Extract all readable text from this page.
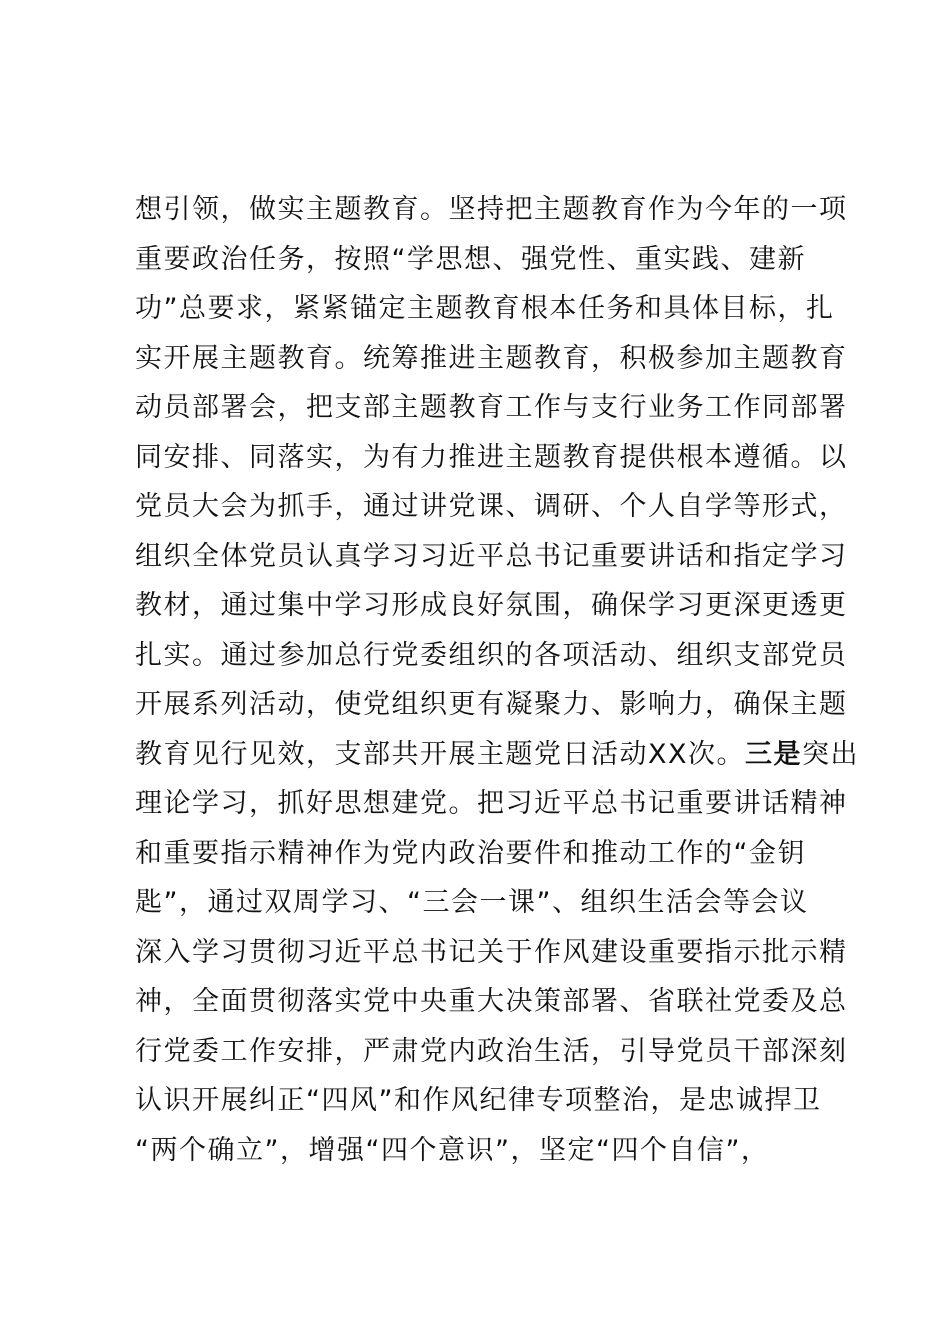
想引领，做实主题教育。坚持把主题教育作为今年的一项
重要政治任务，按照“学思想、强党性、重实践、建新
功”总要求，紧紧锚定主题教育根本任务和具体目标，扎
实开展主题教育。统筹推进主题教育，积极参加主题教育
动员部署会，把支部主题教育工作与支行业务工作同部署
同安排、同落实，为有力推进主题教育提供根本遵循。以
党员大会为抓手，通过讲党课、调研、个人自学等形式，
组织全体党员认真学习习近平总书记重要讲话和指定学习
教材，通过集中学习形成良好氛围，确保学习更深更透更
扎实。通过参加总行党委组织的各项活动、组织支部党员
开展系列活动，使党组织更有凝聚力、影响力，确保主题
教育见行见效，支部共开展主题党日活动XX次。三是突出
理论学习，抓好思想建党。把习近平总书记重要讲话精神
和重要指示精神作为党内政治要件和推动工作的“金钥
匙”，通过双周学习、“三会一课”、组织生活会等会议
深入学习贯彻习近平总书记关于作风建设重要指示批示精
神，全面贯彻落实党中央重大决策部署、省联社党委及总
行党委工作安排，严肃党内政治生活，引导党员干部深刻
认识开展纠正“四风”和作风纪律专项整治，是忠诚捍卫
“两个确立”，增强“四个意识”，坚定“四个自信”，
